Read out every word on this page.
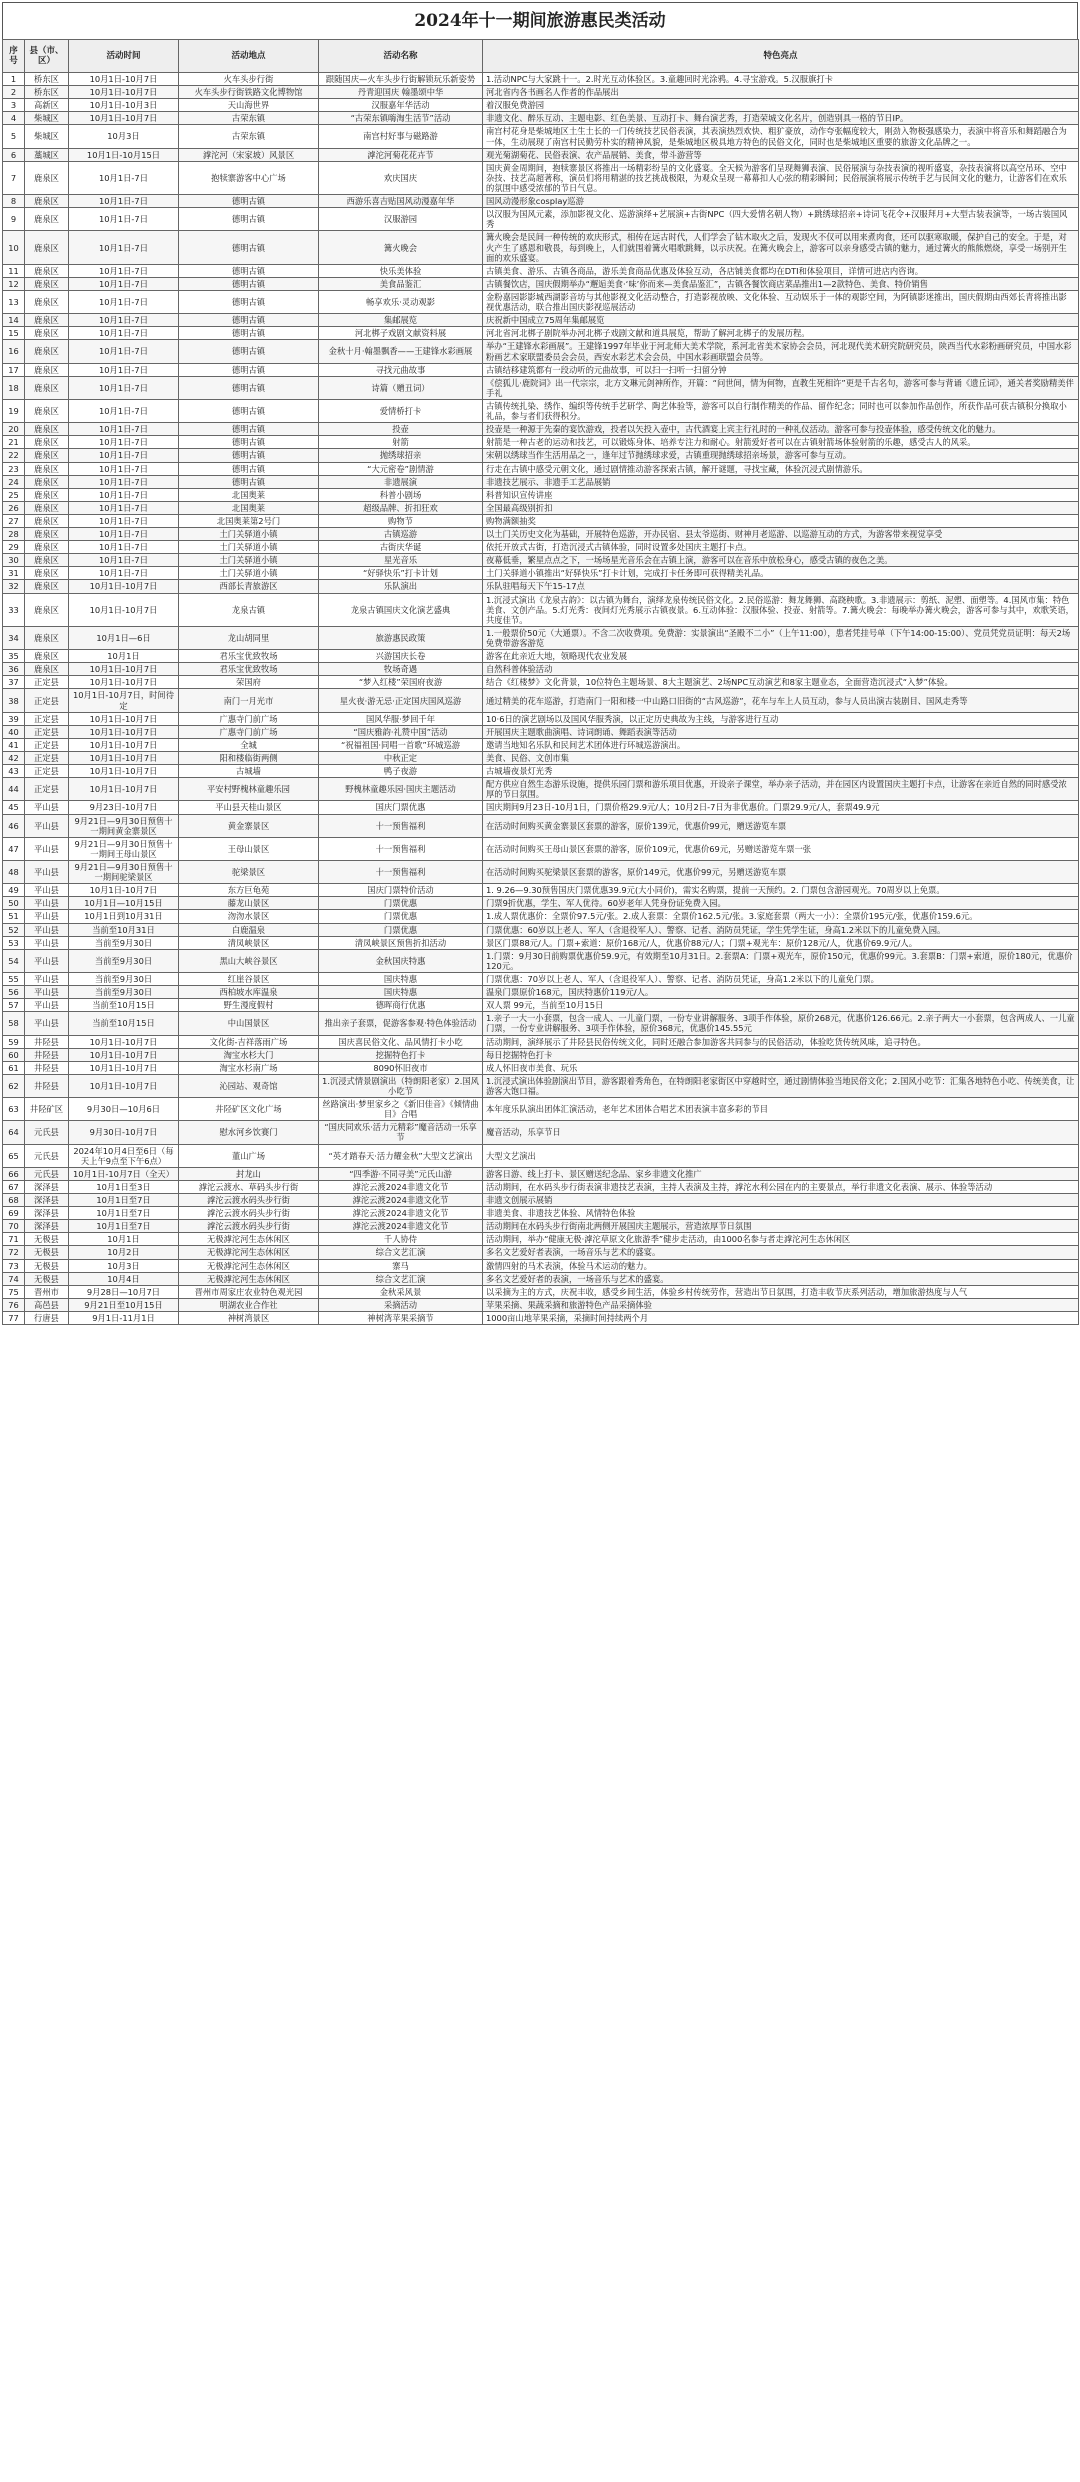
2024年十一期间旅游惠民类活动
序号	县（市、区）	活动时间	活动地点	活动名称	特色亮点
1	桥东区	10月1日-10月7日	火车头步行街	跟随国庆—火车头步行街解锁玩乐新姿势	1.活动NPC与大家跳十一。2.时光互动体验区。3.童趣回时光涂鸦。4.寻宝游戏。5.汉服旗打卡
2	桥东区	10月1日-10月7日	火车头步行街铁路文化博物馆	丹青迎国庆 翰墨颂中华	河北省内各书画名人作者的作品展出
3	高新区	10月1日-10月3日	天山海世界	汉服嘉年华活动	着汉服免费游园
4	柴城区	10月1日-10月7日	古荣东镇	“古荣东镇嗨淘生活节”活动	非遗文化、醉乐互动、主题电影、红色美景、互动打卡、舞台演艺秀，打造荣城文化名片，创造别具一格的节日IP。
5	柴城区	10月3日	古荣东镇	南宫村好事与磁路游	南宫村花身是柴城地区土生土长的一门传统技艺民俗表演，其表演热烈欢快、粗犷豪放，动作夸张幅度较大，刚劲入物极强感染力，表演中将音乐和舞蹈融合为一体，生动展现了南宫村民勤劳朴实的精神风貌，是柴城地区极具地方特色的民俗文化，同时也是柴城地区重要的旅游文化品牌之一。
6	藁城区	10月1日-10月15日	滹沱河（宋家坡）风景区	滹沱河菊花花卉节	观光菊湖菊花、民俗表演、农产品展销、美食，带斗游营等
7	鹿泉区	10月1日-7日	抱犊寨游客中心广场	欢庆国庆	国庆黄金周期间，抱犊寨景区将推出一场精彩纷呈的文化盛宴。全天候为游客们呈现舞狮表演、民俗展演与杂技表演的视听盛宴，杂技表演将以高空吊环、空中杂技、技艺高超著称，演员们将用精湛的技艺挑战极限，为观众呈现一幕幕扣人心弦的精彩瞬间；民俗展演将展示传统手艺与民间文化的魅力，让游客们在欢乐的氛围中感受浓郁的节日气息。
8	鹿泉区	10月1日-7日	德明古镇	西游乐喜吉贴国风动漫嘉年华	国风动漫形象cosplay巡游
9	鹿泉区	10月1日-7日	德明古镇	汉服游园	以汉服为国风元素，添加影视文化、巡游演绎+艺展演+古街NPC（四大爱情名朝人物）+跳绣球招亲+诗词飞花令+汉服拜月+大型古装表演等，一场古装国风秀
10	鹿泉区	10月1日-7日	德明古镇	篝火晚会	篝火晚会是民间一种传统的欢庆形式，相传在远古时代，人们学会了钻木取火之后，发现火不仅可以用来煮肉食，还可以驱寒取暖，保护自己的安全。于是，对火产生了感恩和敬畏，每到晚上，人们就围着篝火唱歌跳舞，以示庆祝。在篝火晚会上，游客可以亲身感受古镇的魅力，通过篝火的熊熊燃烧，享受一场别开生面的欢乐盛宴。
11	鹿泉区	10月1日-7日	德明古镇	快乐美体验	古镇美食、游乐、古镇各商品，游乐美食商品优惠及体验互动，各店铺美食都均在DTI和体验项目，详情可进店内咨询。
12	鹿泉区	10月1日-7日	德明古镇	美食品鉴汇	古镇餐饮店，国庆假期举办“邂逅美食·‘味’你而来—美食品鉴汇”，古镇各餐饮商店菜品推出1—2款特色、美食、特价销售
13	鹿泉区	10月1日-7日	德明古镇	畅享欢乐·灵动观影	金粉嘉园影影城西湖影音坊与其他影视文化活动整合，打造影视放映、文化体验、互动娱乐于一体的观影空间，为阿镇影迷推出，国庆假期由西郊长青将推出影视优惠活动，联合推出国庆影视巡展活动
14	鹿泉区	10月1日-7日	德明古镇	集邮展览	庆祝新中国成立75周年集邮展览
15	鹿泉区	10月1日-7日	德明古镇	河北梆子戏剧文献资料展	河北省河北梆子剧院举办河北梆子戏剧文献和道具展览，帮助了解河北梆子的发展历程。
16	鹿泉区	10月1日-7日	德明古镇	金秋十月·翰墨飘香——王建锋水彩画展	举办“王建锋水彩画展”。王建锋1997年毕业于河北师大美术学院，系河北省美术家协会会员，河北现代美术研究院研究员，陕西当代水彩粉画研究员，中国水彩粉画艺术家联盟委员会会员，西安水彩艺术会会员，中国水彩画联盟会员等。
17	鹿泉区	10月1日-7日	德明古镇	寻找元曲故事	古镇结移建筑都有一段动听的元曲故事，可以扫一扫听一扫留分钟
18	鹿泉区	10月1日-7日	德明古镇	诗篇（赠丑词）	《偿狐儿·鹿院词》出一代宗宗，北方文琳元剑神所作，开篇：“问世间，情为何物，直教生死相许”更是千古名句，游客可参与背诵《遗丘词》，通关者奖励精美伴手礼
19	鹿泉区	10月1日-7日	德明古镇	爱情桥打卡	古镇传统扎染、绣作、编织等传统手艺研学、陶艺体验等，游客可以自行制作精美的作品、留作纪念；同时也可以参加作品创作，所获作品可获古镇积分换取小礼品，参与者们获得积分。
20	鹿泉区	10月1日-7日	德明古镇	投壶	投壶是一种源于先秦的宴饮游戏，投者以矢投入壶中，古代酒宴上宾主行礼时的一种礼仪活动。游客可参与投壶体验，感受传统文化的魅力。
21	鹿泉区	10月1日-7日	德明古镇	射箭	射箭是一种古老的运动和技艺，可以锻炼身体、培养专注力和耐心。射箭爱好者可以在古镇射箭场体验射箭的乐趣，感受古人的风采。
22	鹿泉区	10月1日-7日	德明古镇	抛绣球招亲	宋朝以绣球当作生活用品之一，逢年过节抛绣球求爱，古镇重现抛绣球招亲场景，游客可参与互动。
23	鹿泉区	10月1日-7日	德明古镇	“大元密卷”剧情游	行走在古镇中感受元朝文化，通过剧情推动游客探索古镇，解开谜题，寻找宝藏，体验沉浸式剧情游乐。
24	鹿泉区	10月1日-7日	德明古镇	非遗展演	非遗技艺展示、非遗手工艺品展销
25	鹿泉区	10月1日-7日	北国奥莱	科普小剧场	科普知识宣传讲座
26	鹿泉区	10月1日-7日	北国奥莱	超级品牌、折扣狂欢	全国最高级别折扣
27	鹿泉区	10月1日-7日	北国奥莱第2号门	购物节	购物满额抽奖
28	鹿泉区	10月1日-7日	土门关驿道小镇	古镇巡游	以土门关历史文化为基础，开展特色巡游，开办民宿、县太爷巡街、财神月老巡游、以巡游互动的方式，为游客带来视觉享受
29	鹿泉区	10月1日-7日	土门关驿道小镇	古街庆华诞	依托开放式古街，打造沉浸式古镇体验，同时设置多处国庆主题打卡点。
30	鹿泉区	10月1日-7日	土门关驿道小镇	星光音乐	夜幕低垂，繁星点点之下，一场场星光音乐会在古镇上演，游客可以在音乐中放松身心，感受古镇的夜色之美。
31	鹿泉区	10月1日-7日	土门关驿道小镇	“好驿快乐”打卡计划	土门关驿道小镇推出“好驿快乐”打卡计划，完成打卡任务即可获得精美礼品。
32	鹿泉区	10月1日-10月7日	西部长青旅游区	乐队演出	乐队驻唱每天下午15-17点
33	鹿泉区	10月1日-10月7日	龙泉古镇	龙泉古镇国庆文化演艺盛典	1.沉浸式演出《龙泉古韵》：以古镇为舞台，演绎龙泉传统民俗文化。2.民俗巡游：舞龙舞狮、高跷秧歌。3.非遗展示：剪纸、泥塑、面塑等。4.国风市集：特色美食、文创产品。5.灯光秀：夜间灯光秀展示古镇夜景。6.互动体验：汉服体验、投壶、射箭等。7.篝火晚会：每晚举办篝火晚会，游客可参与其中，欢歌笑语，共度佳节。
34	鹿泉区	10月1日—6日	龙山胡同里	旅游惠民政策	1.一般票价50元（大通票）。不含二次收费项。免费游：实景演出“圣殿不二小”（上午11:00），患者凭挂号单（下午14:00-15:00）、党员凭党员证明：每天2场免费带游客游览
35	鹿泉区	10月1日	君乐宝优致牧场	兴游国庆长卷	游客在此亲近大地，领略现代农业发展
36	鹿泉区	10月1日-10月7日	君乐宝优致牧场	牧场奇遇	自然科普体验活动
37	正定县	10月1日-10月7日	荣国府	“梦入红楼”荣国府夜游	结合《红楼梦》文化背景，10位特色主题场景、8大主题演艺、2场NPC互动演艺和8家主题业态，全面营造沉浸式“入梦”体验。
38	正定县	10月1日-10月7日，时间待定	南门一月光市	星火夜·游无忌·正定国庆国风巡游	通过精美的花车巡游，打造南门一阳和楼一中山路口旧街的“古风巡游”，花车与车上人员互动，参与人员出演古装剧目、国风走秀等
39	正定县	10月1日-10月7日	广惠寺门前广场	国风华服·梦回千年	10·6日的演艺剧场以及国风华服秀演，以正定历史典故为主线，与游客进行互动
40	正定县	10月1日-10月7日	广惠寺门前广场	“国庆雅韵·礼赞中国”活动	开展国庆主题歌曲演唱、诗词朗诵、舞蹈表演等活动
41	正定县	10月1日-10月7日	全城	“祝福祖国·同唱一首歌”环城巡游	邀请当地知名乐队和民间艺术团体进行环城巡游演出。
42	正定县	10月1日-10月7日	阳和楼临街两侧	中秋正定	美食、民俗、文创市集
43	正定县	10月1日-10月7日	古城墙	鸭子夜游	古城墙夜景灯光秀
44	正定县	10月1日-10月7日	平安村野槐林童趣乐园	野槐林童趣乐园·国庆主题活动	配方供应自然生态游乐设施，提供乐园门票和游乐项目优惠，开设亲子课堂，举办亲子活动，并在园区内设置国庆主题打卡点，让游客在亲近自然的同时感受浓厚的节日氛围。
45	平山县	9月23日-10月7日	平山县天桂山景区	国庆门票优惠	国庆期间9月23日-10月1日，门票价格29.9元/人；10月2日-7日为非优惠价。门票29.9元/人，套票49.9元
46	平山县	9月21日—9月30日预售十一期间黄金寨景区	黄金寨景区	十一预售福利	在活动时间购买黄金寨景区套票的游客，原价139元，优惠价99元，赠送游览车票
47	平山县	9月21日—9月30日预售十一期间王母山景区	王母山景区	十一预售福利	在活动时间购买王母山景区套票的游客，原价109元，优惠价69元，另赠送游览车票一张
48	平山县	9月21日—9月30日预售十一期间驼梁景区	驼梁景区	十一预售福利	在活动时间购买驼梁景区套票的游客，原价149元，优惠价99元，另赠送游览车票
49	平山县	10月1日-10月7日	东方巨龟苑	国庆门票特价活动	1. 9.26—9.30预售国庆门票优惠39.9元(大小同价)，需实名购票，提前一天预约。2. 门票包含游园观光。70周岁以上免票。
50	平山县	10月1日—10月15日	藤龙山景区	门票优惠	门票9折优惠，学生、军人优待。60岁老年人凭身份证免费入园。
51	平山县	10月1日到10月31日	沕沕水景区	门票优惠	1.成人票优惠价：全票价97.5元/张。2.成人套票：全票价162.5元/张。3.家庭套票（两大一小）：全票价195元/张，优惠价159.6元。
52	平山县	当前至10月31日	白鹿温泉	门票优惠	门票优惠：60岁以上老人、军人（含退役军人）、警察、记者、消防员凭证，学生凭学生证，身高1.2米以下的儿童免费入园。
53	平山县	当前至9月30日	清凤峡景区	清凤峡景区预售折扣活动	景区门票88元/人。门票+索道：原价168元/人，优惠价88元/人；门票+观光车：原价128元/人，优惠价69.9元/人。
54	平山县	当前至9月30日	黑山大峡谷景区	金秋国庆特惠	1.门票：9月30日前购票优惠价59.9元，有效期至10月31日。2.套票A：门票+观光车，原价150元，优惠价99元。3.套票B：门票+索道，原价180元，优惠价120元。
55	平山县	当前至9月30日	红崖谷景区	国庆特惠	门票优惠：70岁以上老人、军人（含退役军人）、警察、记者、消防员凭证，身高1.2米以下的儿童免门票。
56	平山县	当前至9月30日	西柏坡水库温泉	国庆特惠	温泉门票原价168元，国庆特惠价119元/人。
57	平山县	当前至10月15日	野生漫度假村	德晖商行优惠	双人票 99元，当前至10月15日
58	平山县	当前至10月15日	中山国景区	推出亲子套票，促游客参观·特色体验活动	1.亲子一大一小套票，包含一成人、一儿童门票，一份专业讲解服务、3项手作体验，原价268元，优惠价126.66元。2.亲子两大一小套票，包含两成人、一儿童门票，一份专业讲解服务、3项手作体验，原价368元，优惠价145.55元
59	井陉县	10月1日-10月7日	文化街-吉祥落雨广场	国庆喜民俗文化、品风情打卡小吃	活动期间，演绎展示了井陉县民俗传统文化，同时还融合参加游客共同参与的民俗活动，体验吃货传统风味，追寻特色。
60	井陉县	10月1日-10月7日	淘宝水杉大门	挖掘特色打卡	每日挖掘特色打卡
61	井陉县	10月1日-10月7日	淘宝水杉南广场	8090怀旧夜市	成人怀旧夜市美食、玩乐
62	井陉县	10月1日-10月7日	沁园站、观奇馆	1.沉浸式情景剧演出（特朗阳老家）2.国风小吃节	1.沉浸式演出体验剧演出节目，游客跟着秀角色，在特朗阳老家街区中穿越时空，通过剧情体验当地民俗文化；2.国风小吃节：汇集各地特色小吃、传统美食，让游客大饱口福。
63	井陉矿区	9月30日—10月6日	井陉矿区文化广场	丝路演出·梦里家乡之《新旧佳音》《倾情曲目》合唱	本年度乐队演出团体汇演活动，老年艺术团体合唱艺术团表演丰富多彩的节目
64	元氏县	9月30日-10月7日	慰水河乡饮赛门	“国庆同欢乐·活力元精彩”魔音活动一乐享节	魔音活动，乐享节日
65	元氏县	2024年10月4日至6日（每天上午9点至下午6点）	董山广场	“英才踏春天·活力耀金秋”大型文艺演出	大型文艺演出
66	元氏县	10月1日-10月7日（全天）	封龙山	“四季游·不同寻美”元氏山游	游客日游、线上打卡、景区赠送纪念品、家乡非遗文化推广
67	深泽县	10月1日至3日	滹沱云渡水、草码头步行街	滹沱云渡2024非遗文化节	活动期间，在水码头步行街表演非遗技艺表演，主持人表演及主持，滹沱水利公园在内的主要景点，举行非遗文化表演、展示、体验等活动
68	深泽县	10月1日至7日	滹沱云渡水码头步行街	滹沱云渡2024非遗文化节	非遗文创展示展销
69	深泽县	10月1日至7日	滹沱云渡水码头步行街	滹沱云渡2024非遗文化节	非遗美食、非遗技艺体验、风情特色体验
70	深泽县	10月1日至7日	滹沱云渡水码头步行街	滹沱云渡2024非遗文化节	活动期间在水码头步行街南北两侧开展国庆主题展示，营造浓厚节日氛围
71	无极县	10月1日	无极滹沱河生态休闲区	千人协侍	活动期间，举办“健康无极·滹沱草原文化旅游季”健步走活动，由1000名参与者走滹沱河生态休闲区
72	无极县	10月2日	无极滹沱河生态休闲区	综合文艺汇演	多名文艺爱好者表演，一场音乐与艺术的盛宴。
73	无极县	10月3日	无极滹沱河生态休闲区	寨马	激情四射的马术表演，体验马术运动的魅力。
74	无极县	10月4日	无极滹沱河生态休闲区	综合文艺汇演	多名文艺爱好者的表演，一场音乐与艺术的盛宴。
75	晋州市	9月28日—10月7日	晋州市周家庄农业特色观光园	金秋采风景	以采摘为主的方式，庆祝丰收，感受乡间生活，体验乡村传统劳作，营造出节日氛围，打造丰收节庆系列活动，增加旅游热度与人气
76	高邑县	9月21日至10月15日	明湖农业合作社	采摘活动	苹果采摘、果蔬采摘和旅游特色产品采摘体验
77	行唐县	9月1日-11月1日	神树湾景区	神树湾苹果采摘节	1000亩山地苹果采摘，采摘时间持续两个月
